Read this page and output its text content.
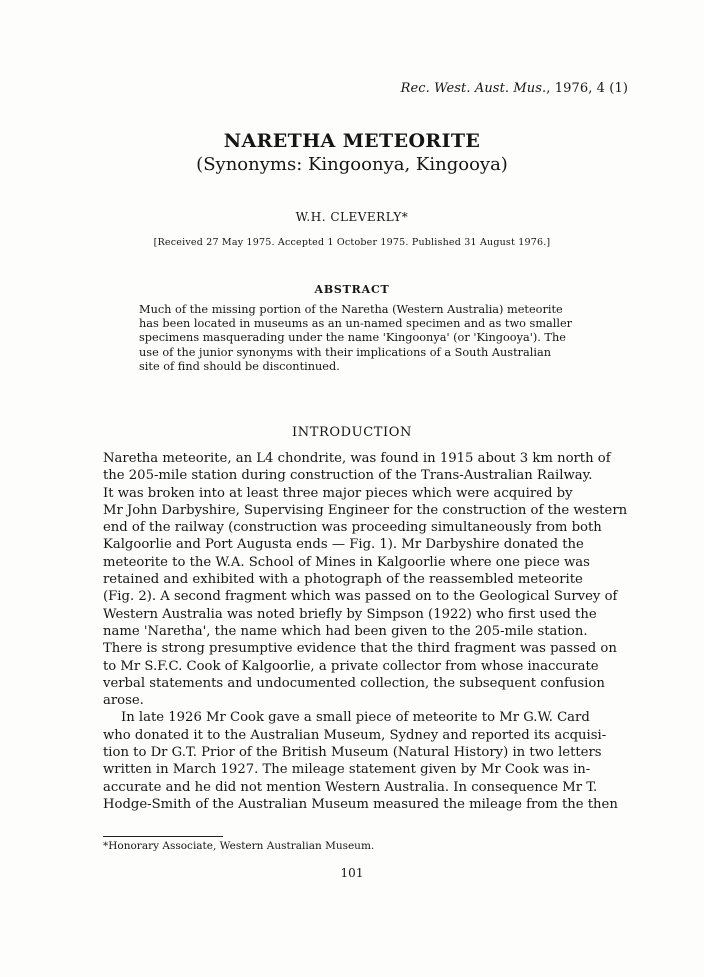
Rec. West. Aust. Mus., 1976, 4 (1)
NARETHA METEORITE
(Synonyms: Kingoonya, Kingooya)
W.H. CLEVERLY*
[Received 27 May 1975. Accepted 1 October 1975. Published 31 August 1976.]
ABSTRACT
Much of the missing portion of the Naretha (Western Australia) meteorite
has been located in museums as an un-named specimen and as two smaller
specimens masquerading under the name 'Kingoonya' (or 'Kingooya'). The
use of the junior synonyms with their implications of a South Australian
site of find should be discontinued.
INTRODUCTION
Naretha meteorite, an L4 chondrite, was found in 1915 about 3 km north of
the 205-mile station during construction of the Trans-Australian Railway.
It was broken into at least three major pieces which were acquired by
Mr John Darbyshire, Supervising Engineer for the construction of the western
end of the railway (construction was proceeding simultaneously from both
Kalgoorlie and Port Augusta ends — Fig. 1). Mr Darbyshire donated the
meteorite to the W.A. School of Mines in Kalgoorlie where one piece was
retained and exhibited with a photograph of the reassembled meteorite
(Fig. 2). A second fragment which was passed on to the Geological Survey of
Western Australia was noted briefly by Simpson (1922) who first used the
name 'Naretha', the name which had been given to the 205-mile station.
There is strong presumptive evidence that the third fragment was passed on
to Mr S.F.C. Cook of Kalgoorlie, a private collector from whose inaccurate
verbal statements and undocumented collection, the subsequent confusion
arose.
In late 1926 Mr Cook gave a small piece of meteorite to Mr G.W. Card
who donated it to the Australian Museum, Sydney and reported its acquisi-
tion to Dr G.T. Prior of the British Museum (Natural History) in two letters
written in March 1927. The mileage statement given by Mr Cook was in-
accurate and he did not mention Western Australia. In consequence Mr T.
Hodge-Smith of the Australian Museum measured the mileage from the then
*Honorary Associate, Western Australian Museum.
101
